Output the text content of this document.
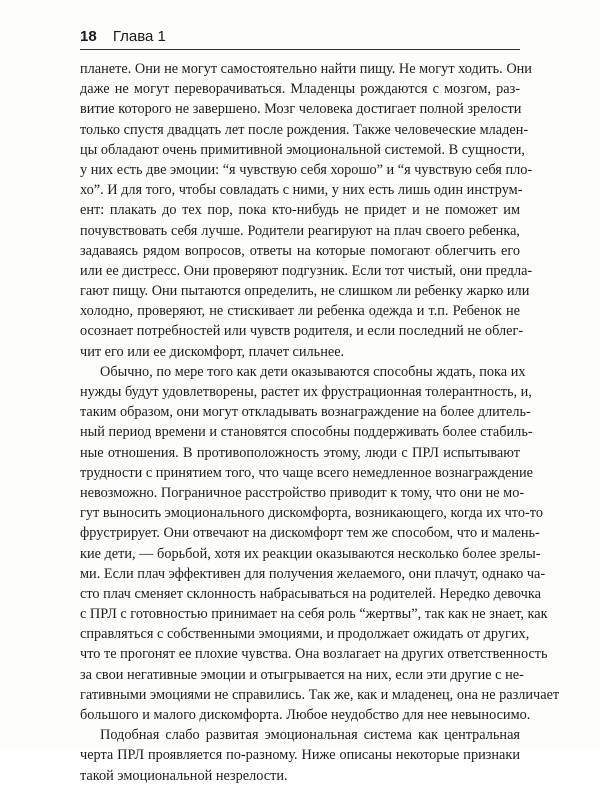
18 Глава 1
планете. Они не могут самостоятельно найти пищу. Не могут ходить. Они
даже не могут переворачиваться. Младенцы рождаются с мозгом, раз-
витие которого не завершено. Мозг человека достигает полной зрелости
только спустя двадцать лет после рождения. Также человеческие младен-
цы обладают очень примитивной эмоциональной системой. В сущности,
у них есть две эмоции: “я чувствую себя хорошо” и “я чувствую себя пло-
хо”. И для того, чтобы совладать с ними, у них есть лишь один инструм-
ент: плакать до тех пор, пока кто-нибудь не придет и не поможет им
почувствовать себя лучше. Родители реагируют на плач своего ребенка,
задаваясь рядом вопросов, ответы на которые помогают облегчить его
или ее дистресс. Они проверяют подгузник. Если тот чистый, они предла-
гают пищу. Они пытаются определить, не слишком ли ребенку жарко или
холодно, проверяют, не стискивает ли ребенка одежда и т.п. Ребенок не
осознает потребностей или чувств родителя, и если последний не облег-
чит его или ее дискомфорт, плачет сильнее.
Обычно, по мере того как дети оказываются способны ждать, пока их
нужды будут удовлетворены, растет их фрустрационная толерантность, и,
таким образом, они могут откладывать вознаграждение на более длитель-
ный период времени и становятся способны поддерживать более стабиль-
ные отношения. В противоположность этому, люди с ПРЛ испытывают
трудности с принятием того, что чаще всего немедленное вознаграждение
невозможно. Пограничное расстройство приводит к тому, что они не мо-
гут выносить эмоционального дискомфорта, возникающего, когда их что-то
фрустрирует. Они отвечают на дискомфорт тем же способом, что и малень-
кие дети, — борьбой, хотя их реакции оказываются несколько более зрелы-
ми. Если плач эффективен для получения желаемого, они плачут, однако ча-
сто плач сменяет склонность набрасываться на родителей. Нередко девочка
с ПРЛ с готовностью принимает на себя роль “жертвы”, так как не знает, как
справляться с собственными эмоциями, и продолжает ожидать от других,
что те прогонят ее плохие чувства. Она возлагает на других ответственность
за свои негативные эмоции и отыгрывается на них, если эти другие с не-
гативными эмоциями не справились. Так же, как и младенец, она не различает
большого и малого дискомфорта. Любое неудобство для нее невыносимо.
Подобная слабо развитая эмоциональная система как центральная
черта ПРЛ проявляется по-разному. Ниже описаны некоторые признаки
такой эмоциональной незрелости.
